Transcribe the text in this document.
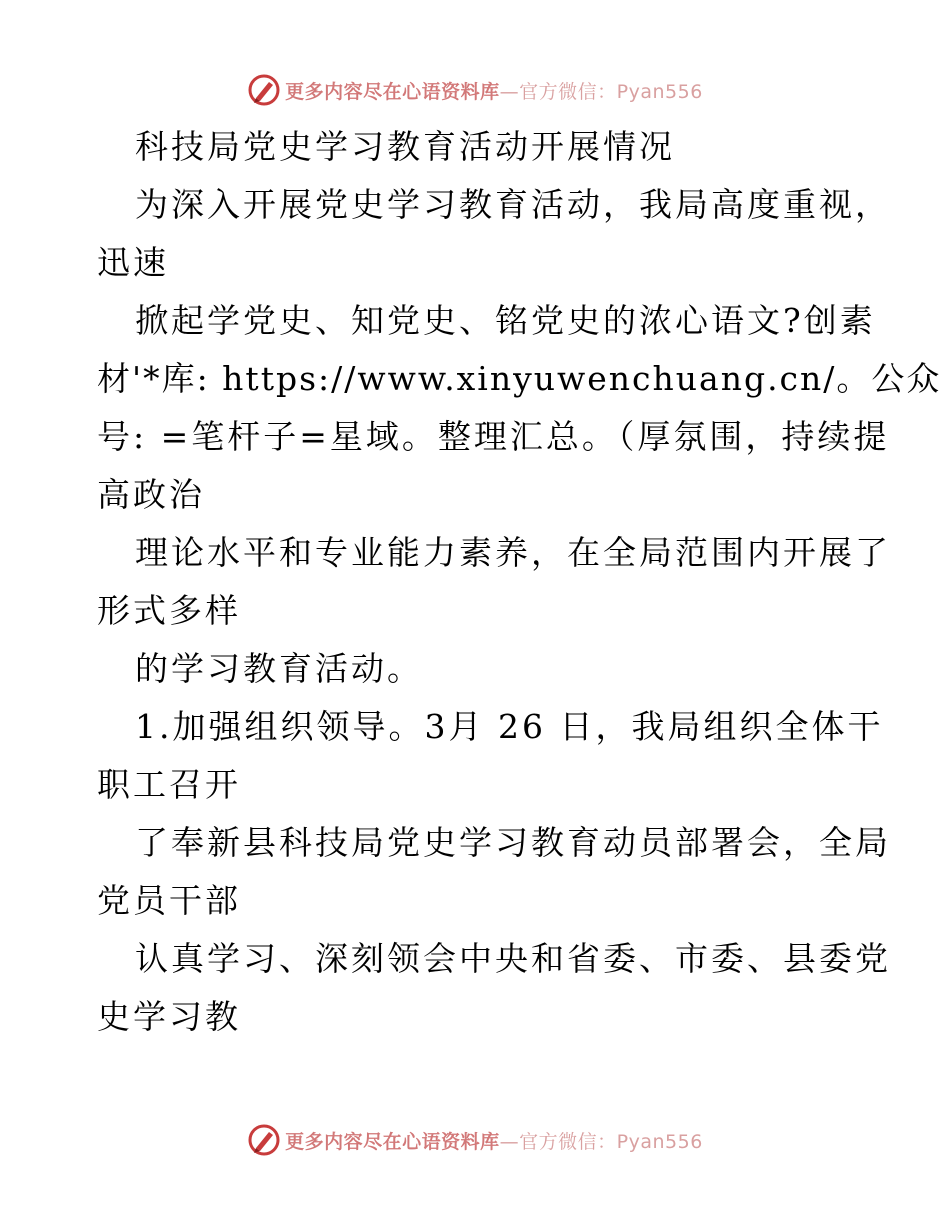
更多内容尽在心语资料库—官方微信：Pyan556
科技局党史学习教育活动开展情况
为深入开展党史学习教育活动，我局高度重视，
迅速
掀起学党史、知党史、铭党史的浓心语文?创素
材'*库: https://www.xinyuwenchuang.cn/。公众
号: =笔杆子=星域。整理汇总。（厚氛围，持续提
高政治
理论水平和专业能力素养，在全局范围内开展了
形式多样
的学习教育活动。
1.加强组织领导。3月 26 日，我局组织全体干
职工召开
了奉新县科技局党史学习教育动员部署会，全局
党员干部
认真学习、深刻领会中央和省委、市委、县委党
史学习教
更多内容尽在心语资料库—官方微信：Pyan556
